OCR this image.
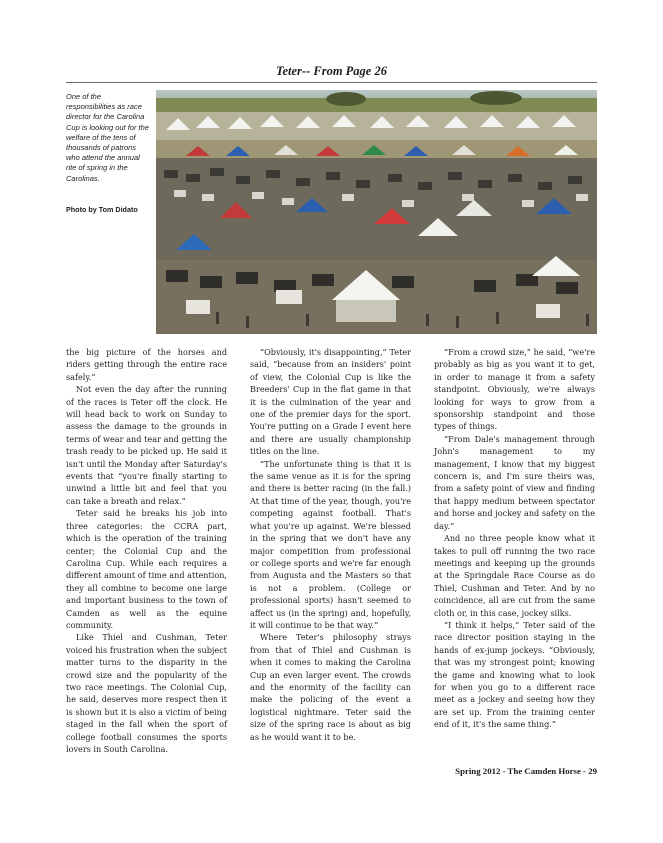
Teter-- From Page 26
One of the responsibilities as race director for the Carolina Cup is looking out for the welfare of the tens of thousands of patrons who attend the annual rite of spring in the Carolinas.
Photo by Tom Didato

the big picture of the horses and riders getting through the entire race safely.”

Not even the day after the running of the races is Teter off the clock. He will head back to work on Sunday to assess the damage to the grounds in terms of wear and tear and getting the trash ready to be picked up. He said it isn't until the Monday after Saturday's events that “you're finally starting to unwind a little bit and feel that you can take a breath and relax.”

Teter said he breaks his job into three categories: the CCRA part, which is the operation of the training center; the Colonial Cup and the Carolina Cup. While each requires a different amount of time and attention, they all combine to become one large and important business to the town of Camden as well as the equine community.

Like Thiel and Cushman, Teter voiced his frustration when the subject matter turns to the disparity in the crowd size and the popularity of the two race meetings. The Colonial Cup, he said, deserves more respect then it is shown but it is also a victim of being staged in the fall when the sport of college football consumes the sports lovers in South Carolina.

“Obviously, it's disappointing,” Teter said, “because from an insiders' point of view, the Colonial Cup is like the Breeders' Cup in the flat game in that it is the culmination of the year and one of the premier days for the sport. You're putting on a Grade I event here and there are usually championship titles on the line.

“The unfortunate thing is that it is the same venue as it is for the spring and there is better racing (in the fall.) At that time of the year, though, you're competing against football. That's what you're up against. We're blessed in the spring that we don't have any major competition from professional or college sports and we're far enough from Augusta and the Masters so that is not a problem. (College or professional sports) hasn't seemed to affect us (in the spring) and, hopefully, it will continue to be that way.”

Where Teter's philosophy strays from that of Thiel and Cushman is when it comes to making the Carolina Cup an even larger event. The crowds and the enormity of the facility can make the policing of the event a logistical nightmare. Teter said the size of the spring race is about as big as he would want it to be.

“From a crowd size,” he said, “we're probably as big as you want it to get, in order to manage it from a safety standpoint. Obviously, we're always looking for ways to grow from a sponsorship standpoint and those types of things.

“From Dale's management through John's management to my management, I know that my biggest concern is, and I'm sure theirs was, from a safety point of view and finding that happy medium between spectator and horse and jockey and safety on the day.”

And no three people know what it takes to pull off running the two race meetings and keeping up the grounds at the Springdale Race Course as do Thiel, Cushman and Teter. And by no coincidence, all are cut from the same cloth or, in this case, jockey silks.

“I think it helps,” Teter said of the race director position staying in the hands of ex-jump jockeys. “Obviously, that was my strongest point; knowing the game and knowing what to look for when you go to a different race meet as a jockey and seeing how they are set up. From the training center end of it, it's the same thing.”

Spring 2012 - The Camden Horse - 29
